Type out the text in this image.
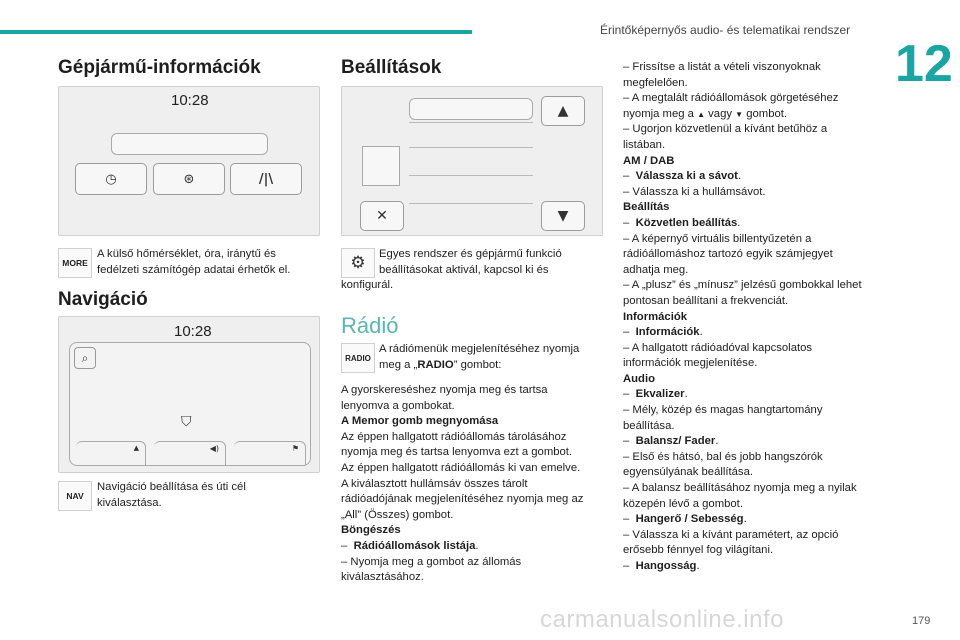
Érintőképernyős audio- és telematikai rendszer
12
Gépjármű-információk
10:28
◷	⊛	/|\
MORE
A külső hőmérséklet, óra, iránytű és
fedélzeti számítógép adatai érhetők el.
Navigáció
10:28
⌕
⛉
▲	◀)	⚑
NAV
Navigáció beállítása és úti cél
kiválasztása.
Beállítások
✕
▲
▼
⚙	Egyes rendszer és gépjármű funkció
beállításokat aktivál, kapcsol ki és
konfigurál.
Rádió
RADIO
A rádiómenük megjelenítéséhez nyomja
meg a „RADIO” gombot:
A gyorskereséshez nyomja meg és tartsa
lenyomva a gombokat.
A Memor gomb megnyomása
Az éppen hallgatott rádióállomás tárolásához
nyomja meg és tartsa lenyomva ezt a gombot.
Az éppen hallgatott rádióállomás ki van emelve.
A kiválasztott hullámsáv összes tárolt
rádióadójának megjelenítéséhez nyomja meg az
„All” (Összes) gombot.
Böngészés
–  Rádióállomások listája.
– Nyomja meg a gombot az állomás
kiválasztásához.
– Frissítse a listát a vételi viszonyoknak
megfelelően.
– A megtalált rádióállomások görgetéséhez
nyomja meg a ▲ vagy ▼ gombot.
– Ugorjon közvetlenül a kívánt betűhöz a
listában.
AM / DAB
–  Válassza ki a sávot.
– Válassza ki a hullámsávot.
Beállítás
–  Közvetlen beállítás.
– A képernyő virtuális billentyűzetén a
rádióállomáshoz tartozó egyik számjegyet
adhatja meg.
– A „plusz” és „mínusz” jelzésű gombokkal lehet
pontosan beállítani a frekvenciát.
Információk
–  Információk.
– A hallgatott rádióadóval kapcsolatos
információk megjelenítése.
Audio
–  Ekvalizer.
– Mély, közép és magas hangtartomány
beállítása.
–  Balansz/ Fader.
– Első és hátsó, bal és jobb hangszórók
egyensúlyának beállítása.
– A balansz beállításához nyomja meg a nyilak
közepén lévő a gombot.
–  Hangerő / Sebesség.
– Válassza ki a kívánt paramétert, az opció
erősebb fénnyel fog világítani.
–  Hangosság.
carmanualsonline.info	179
